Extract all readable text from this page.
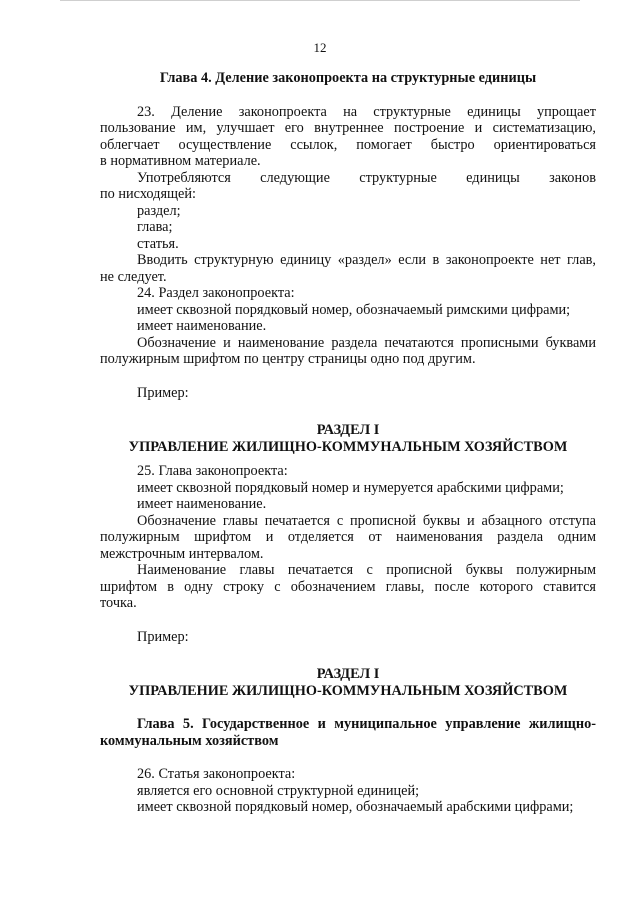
12

Глава 4. Деление законопроекта на структурные единицы

23. Деление законопроекта на структурные единицы упрощает

пользование им, улучшает его внутреннее построение и систематизацию,

облегчает осуществление ссылок, помогает быстро ориентироваться

в нормативном материале.

Употребляются следующие структурные единицы законов

по нисходящей:

раздел;

глава;

статья.

Вводить структурную единицу «раздел» если в законопроекте нет глав,

не следует.

24. Раздел законопроекта:

имеет сквозной порядковый номер, обозначаемый римскими цифрами;

имеет наименование.

Обозначение и наименование раздела печатаются прописными буквами

полужирным шрифтом по центру страницы одно под другим.

Пример:

РАЗДЕЛ I

УПРАВЛЕНИЕ ЖИЛИЩНО-КОММУНАЛЬНЫМ ХОЗЯЙСТВОМ

25. Глава законопроекта:

имеет сквозной порядковый номер и нумеруется арабскими цифрами;

имеет наименование.

Обозначение главы печатается с прописной буквы и абзацного отступа

полужирным шрифтом и отделяется от наименования раздела одним

межстрочным интервалом.

Наименование главы печатается с прописной буквы полужирным

шрифтом в одну строку с обозначением главы, после которого ставится

точка.

Пример:

РАЗДЕЛ I

УПРАВЛЕНИЕ ЖИЛИЩНО-КОММУНАЛЬНЫМ ХОЗЯЙСТВОМ

Глава 5. Государственное и муниципальное управление жилищно-

коммунальным хозяйством

26. Статья законопроекта:

является его основной структурной единицей;

имеет сквозной порядковый номер, обозначаемый арабскими цифрами;
